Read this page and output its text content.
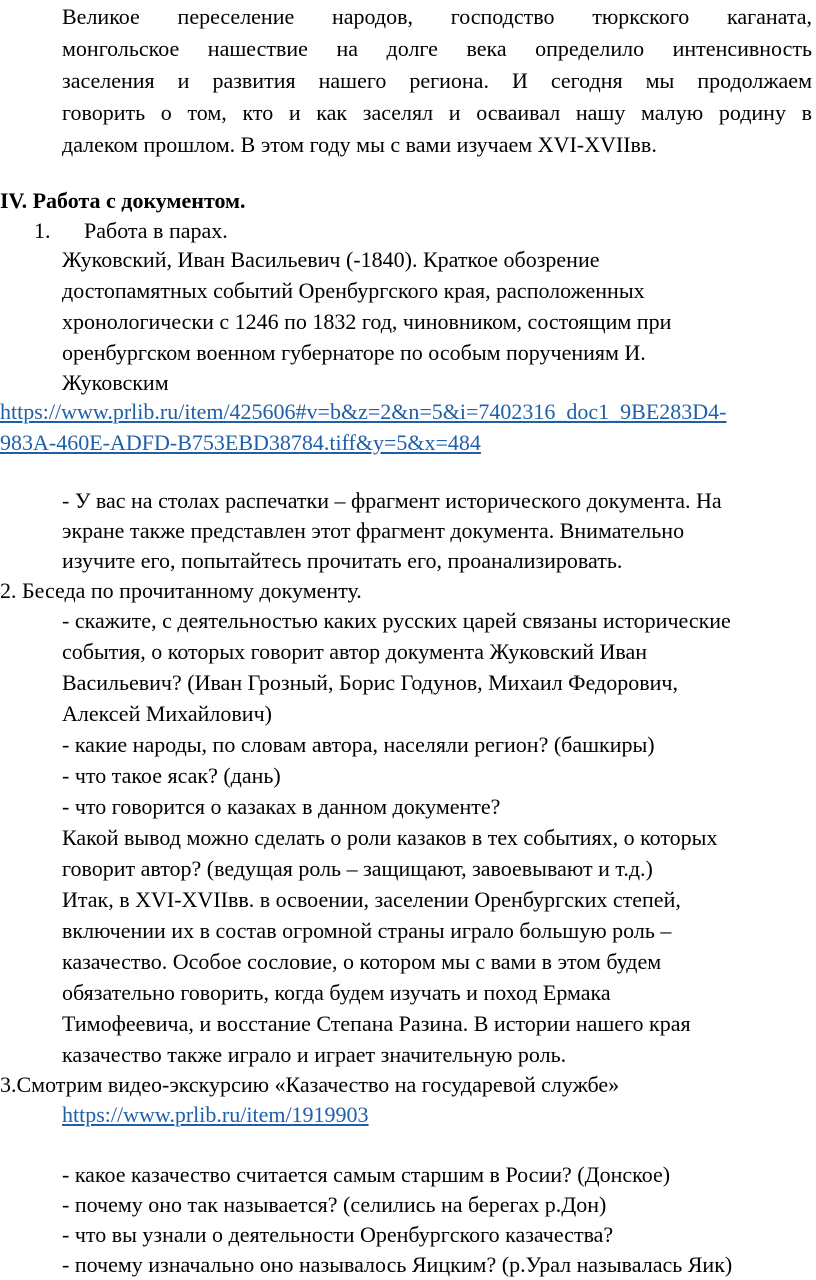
Великое переселение народов, господство тюркского каганата,
монгольское нашествие на долге века определило интенсивность
заселения и развития нашего региона. И сегодня мы продолжаем
говорить о том, кто и как заселял и осваивал нашу малую родину в
далеком прошлом. В этом году мы с вами изучаем XVI-XVIIвв.
IV. Работа с документом.
1. Работа в парах.
Жуковский, Иван Васильевич (-1840). Краткое обозрение
достопамятных событий Оренбургского края, расположенных
хронологически с 1246 по 1832 год, чиновником, состоящим при
оренбургском военном губернаторе по особым поручениям И.
Жуковским
https://www.prlib.ru/item/425606#v=b&z=2&n=5&i=7402316_doc1_9BE283D4-
983A-460E-ADFD-B753EBD38784.tiff&y=5&x=484
- У вас на столах распечатки – фрагмент исторического документа. На
экране также представлен этот фрагмент документа. Внимательно
изучите его, попытайтесь прочитать его, проанализировать.
2. Беседа по прочитанному документу.
- скажите, с деятельностью каких русских царей связаны исторические
события, о которых говорит автор документа Жуковский Иван
Васильевич? (Иван Грозный, Борис Годунов, Михаил Федорович,
Алексей Михайлович)
- какие народы, по словам автора, населяли регион? (башкиры)
- что такое ясак? (дань)
- что говорится о казаках в данном документе?
Какой вывод можно сделать о роли казаков в тех событиях, о которых
говорит автор? (ведущая роль – защищают, завоевывают и т.д.)
Итак, в XVI-XVIIвв. в освоении, заселении Оренбургских степей,
включении их в состав огромной страны играло большую роль –
казачество. Особое сословие, о котором мы с вами в этом будем
обязательно говорить, когда будем изучать и поход Ермака
Тимофеевича, и восстание Степана Разина. В истории нашего края
казачество также играло и играет значительную роль.
3.Смотрим видео-экскурсию «Казачество на государевой службе»
https://www.prlib.ru/item/1919903
- какое казачество считается самым старшим в Росии? (Донское)
- почему оно так называется? (селились на берегах р.Дон)
- что вы узнали о деятельности Оренбургского казачества?
- почему изначально оно называлось Яицким? (р.Урал называлась Яик)
